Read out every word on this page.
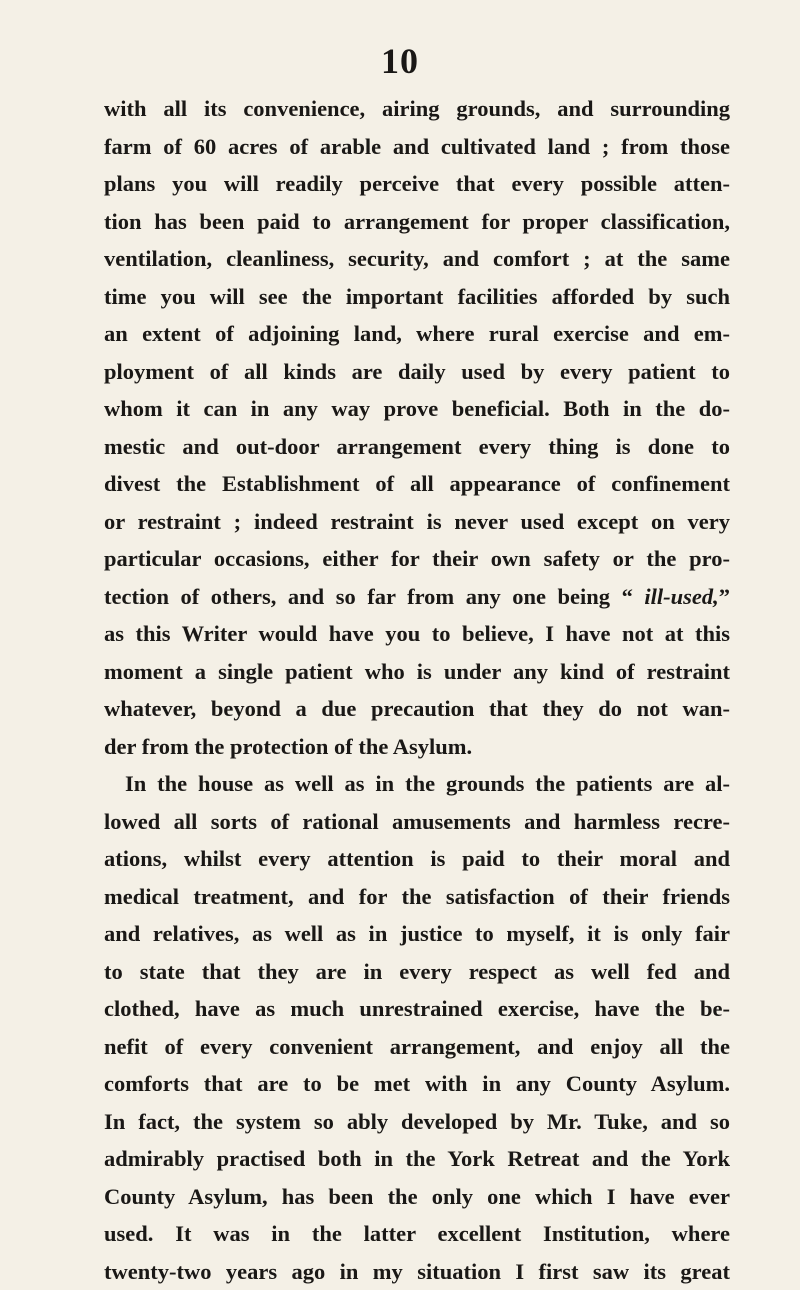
10
with all its convenience, airing grounds, and surrounding
farm of 60 acres of arable and cultivated land ; from those
plans you will readily perceive that every possible atten-
tion has been paid to arrangement for proper classification,
ventilation, cleanliness, security, and comfort ; at the same
time you will see the important facilities afforded by such
an extent of adjoining land, where rural exercise and em-
ployment of all kinds are daily used by every patient to
whom it can in any way prove beneficial. Both in the do-
mestic and out-door arrangement every thing is done to
divest the Establishment of all appearance of confinement
or restraint ; indeed restraint is never used except on very
particular occasions, either for their own safety or the pro-
tection of others, and so far from any one being “ ill-used,”
as this Writer would have you to believe, I have not at this
moment a single patient who is under any kind of restraint
whatever, beyond a due precaution that they do not wan-
der from the protection of the Asylum.
In the house as well as in the grounds the patients are al-
lowed all sorts of rational amusements and harmless recre-
ations, whilst every attention is paid to their moral and
medical treatment, and for the satisfaction of their friends
and relatives, as well as in justice to myself, it is only fair
to state that they are in every respect as well fed and
clothed, have as much unrestrained exercise, have the be-
nefit of every convenient arrangement, and enjoy all the
comforts that are to be met with in any County Asylum.
In fact, the system so ably developed by Mr. Tuke, and so
admirably practised both in the York Retreat and the York
County Asylum, has been the only one which I have ever
used. It was in the latter excellent Institution, where
twenty-two years ago in my situation I first saw its great
